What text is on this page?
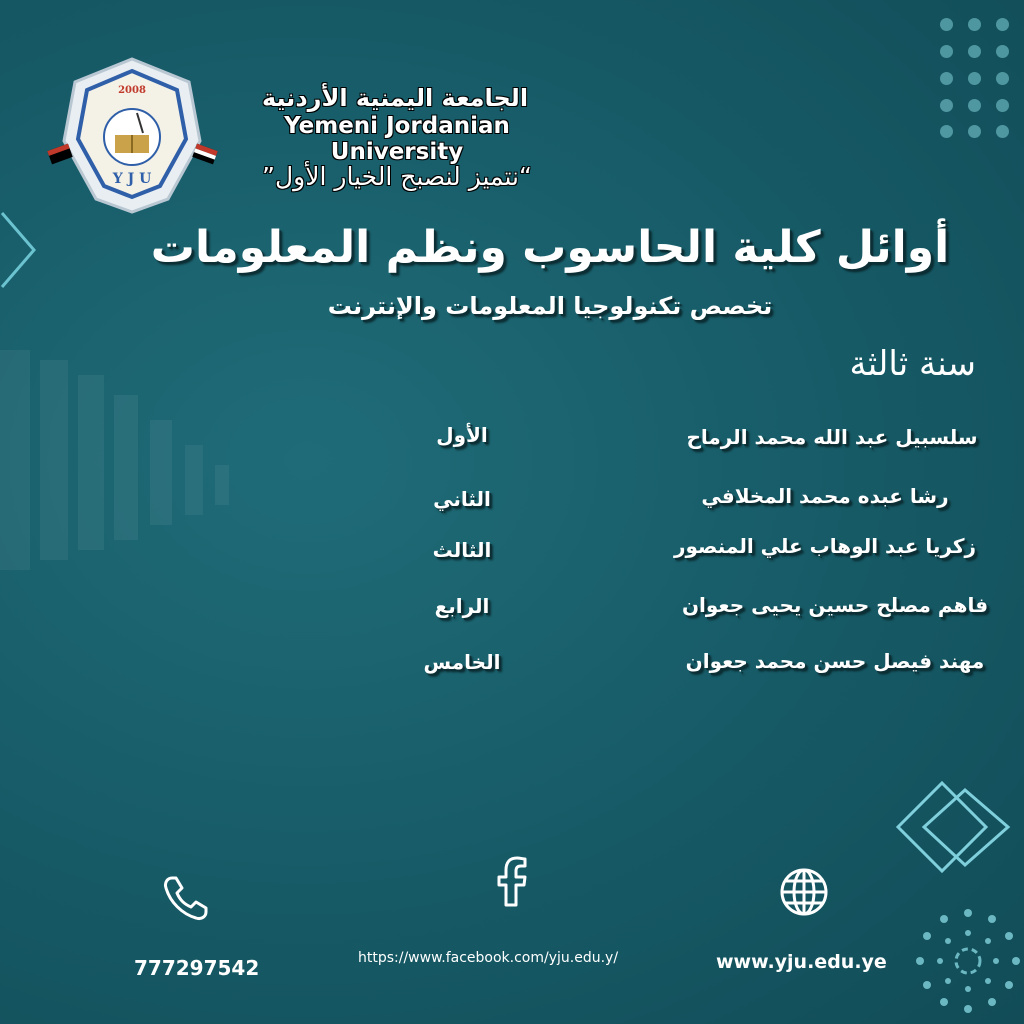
2008
Y J U
الجامعة اليمنية الأردنية
Yemeni Jordanian University
“نتميز لنصبح الخيار الأول”
أوائل كلية الحاسوب ونظم المعلومات
تخصص تكنولوجيا المعلومات والإنترنت
سنة ثالثة
سلسبيل عبد الله محمد الرماح
الأول
رشا عبده محمد المخلافي
الثاني
زكريا عبد الوهاب علي المنصور
الثالث
فاهم مصلح حسين يحيى جعوان
الرابع
مهند فيصل حسن محمد جعوان
الخامس
777297542	https://www.facebook.com/yju.edu.y/	www.yju.edu.ye
